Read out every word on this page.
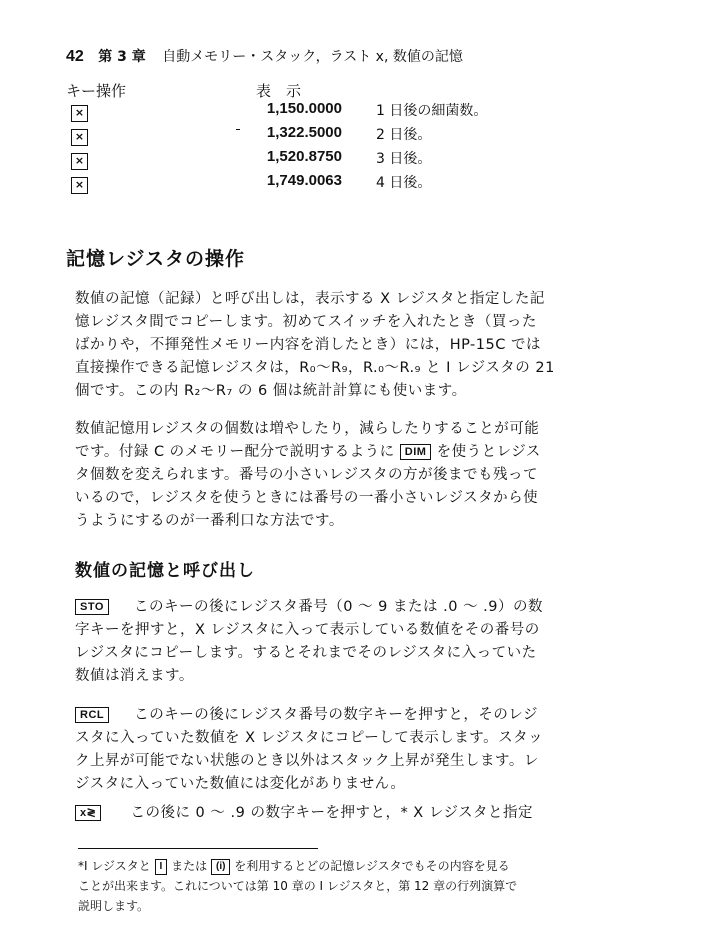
42 第 3 章 自動メモリー・スタック，ラスト x, 数値の記憶
キー操作	表　示
×	1,150.0000 1 日後の細菌数。
×	1,322.5000 2 日後。
×	1,520.8750 3 日後。
×	1,749.0063 4 日後。
記憶レジスタの操作

数値の記憶（記録）と呼び出しは，表示する X レジスタと指定した記

憶レジスタ間でコピーします。初めてスイッチを入れたとき（買った

ばかりや，不揮発性メモリー内容を消したとき）には，HP-15C では

直接操作できる記憶レジスタは，R₀～R₉，R.₀～R.₉ と I レジスタの 21

個です。この内 R₂～R₇ の 6 個は統計計算にも使います。

数値記憶用レジスタの個数は増やしたり，減らしたりすることが可能

です。付録 C のメモリー配分で説明するように DIM を使うとレジス

タ個数を変えられます。番号の小さいレジスタの方が後までも残って

いるので，レジスタを使うときには番号の一番小さいレジスタから使

うようにするのが一番利口な方法です。

数値の記憶と呼び出し

STO このキーの後にレジスタ番号（0 ～ 9 または .0 ～ .9）の数

字キーを押すと，X レジスタに入って表示している数値をその番号の

レジスタにコピーします。するとそれまでそのレジスタに入っていた

数値は消えます。

RCL このキーの後にレジスタ番号の数字キーを押すと，そのレジ

スタに入っていた数値を X レジスタにコピーして表示します。スタッ

ク上昇が可能でない状態のとき以外はスタック上昇が発生します。レ

ジスタに入っていた数値には変化がありません。

x≷ この後に 0 ～ .9 の数字キーを押すと，* X レジスタと指定

*I レジスタと I または (i) を利用するとどの記憶レジスタでもその内容を見る
ことが出来ます。これについては第 10 章の I レジスタと，第 12 章の行列演算で
説明します。
